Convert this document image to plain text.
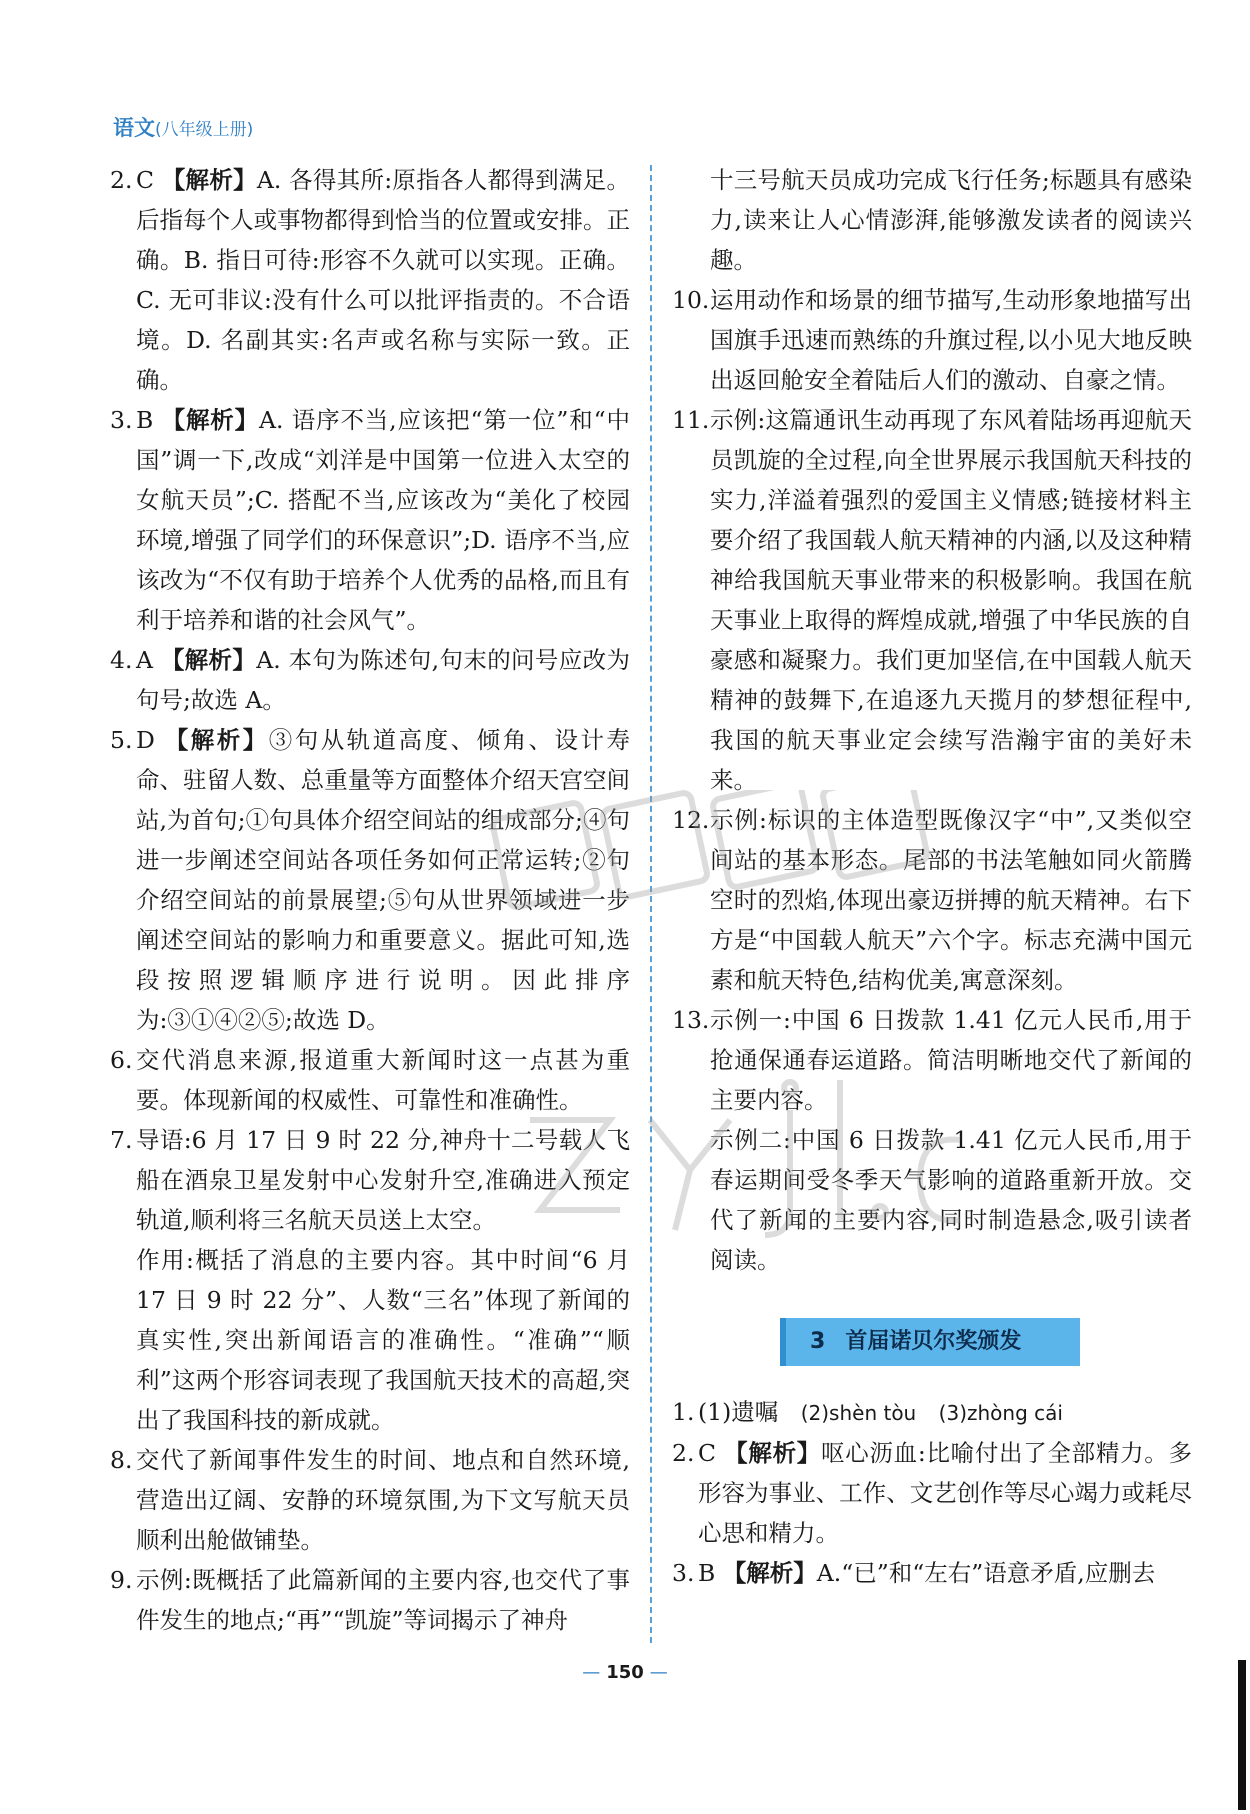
语文(八年级上册)
2. C 【解析】A. 各得其所:原指各人都得到满足。后指每个人或事物都得到恰当的位置或安排。正确。B. 指日可待:形容不久就可以实现。正确。C. 无可非议:没有什么可以批评指责的。不合语境。D. 名副其实:名声或名称与实际一致。正确。
3. B 【解析】A. 语序不当,应该把“第一位”和“中国”调一下,改成“刘洋是中国第一位进入太空的女航天员”;C. 搭配不当,应该改为“美化了校园环境,增强了同学们的环保意识”;D. 语序不当,应该改为“不仅有助于培养个人优秀的品格,而且有利于培养和谐的社会风气”。
4. A 【解析】A. 本句为陈述句,句末的问号应改为句号;故选 A。
5. D 【解析】③句从轨道高度、倾角、设计寿命、驻留人数、总重量等方面整体介绍天宫空间站,为首句;①句具体介绍空间站的组成部分;④句进一步阐述空间站各项任务如何正常运转;②句介绍空间站的前景展望;⑤句从世界领域进一步阐述空间站的影响力和重要意义。据此可知,选段按照逻辑顺序进行说明。因此排序为:③①④②⑤;故选 D。
6. 交代消息来源,报道重大新闻时这一点甚为重要。体现新闻的权威性、可靠性和准确性。
7. 导语:6 月 17 日 9 时 22 分,神舟十二号载人飞船在酒泉卫星发射中心发射升空,准确进入预定轨道,顺利将三名航天员送上太空。
作用:概括了消息的主要内容。其中时间“6 月 17 日 9 时 22 分”、人数“三名”体现了新闻的真实性,突出新闻语言的准确性。“准确”“顺利”这两个形容词表现了我国航天技术的高超,突出了我国科技的新成就。
8. 交代了新闻事件发生的时间、地点和自然环境,营造出辽阔、安静的环境氛围,为下文写航天员顺利出舱做铺垫。
9. 示例:既概括了此篇新闻的主要内容,也交代了事件发生的地点;“再”“凯旋”等词揭示了神舟
十三号航天员成功完成飞行任务;标题具有感染力,读来让人心情澎湃,能够激发读者的阅读兴趣。
10. 运用动作和场景的细节描写,生动形象地描写出国旗手迅速而熟练的升旗过程,以小见大地反映出返回舱安全着陆后人们的激动、自豪之情。
11. 示例:这篇通讯生动再现了东风着陆场再迎航天员凯旋的全过程,向全世界展示我国航天科技的实力,洋溢着强烈的爱国主义情感;链接材料主要介绍了我国载人航天精神的内涵,以及这种精神给我国航天事业带来的积极影响。我国在航天事业上取得的辉煌成就,增强了中华民族的自豪感和凝聚力。我们更加坚信,在中国载人航天精神的鼓舞下,在追逐九天揽月的梦想征程中,我国的航天事业定会续写浩瀚宇宙的美好未来。
12. 示例:标识的主体造型既像汉字“中”,又类似空间站的基本形态。尾部的书法笔触如同火箭腾空时的烈焰,体现出豪迈拼搏的航天精神。右下方是“中国载人航天”六个字。标志充满中国元素和航天特色,结构优美,寓意深刻。
13. 示例一:中国 6 日拨款 1.41 亿元人民币,用于抢通保通春运道路。简洁明晰地交代了新闻的主要内容。
示例二:中国 6 日拨款 1.41 亿元人民币,用于春运期间受冬季天气影响的道路重新开放。交代了新闻的主要内容,同时制造悬念,吸引读者阅读。
3 首届诺贝尔奖颁发
1. (1)遗嘱 (2)shèn tòu (3)zhòng cái
2. C 【解析】呕心沥血:比喻付出了全部精力。多形容为事业、工作、文艺创作等尽心竭力或耗尽心思和精力。
3. B 【解析】A.“已”和“左右”语意矛盾,应删去
— 150 —
